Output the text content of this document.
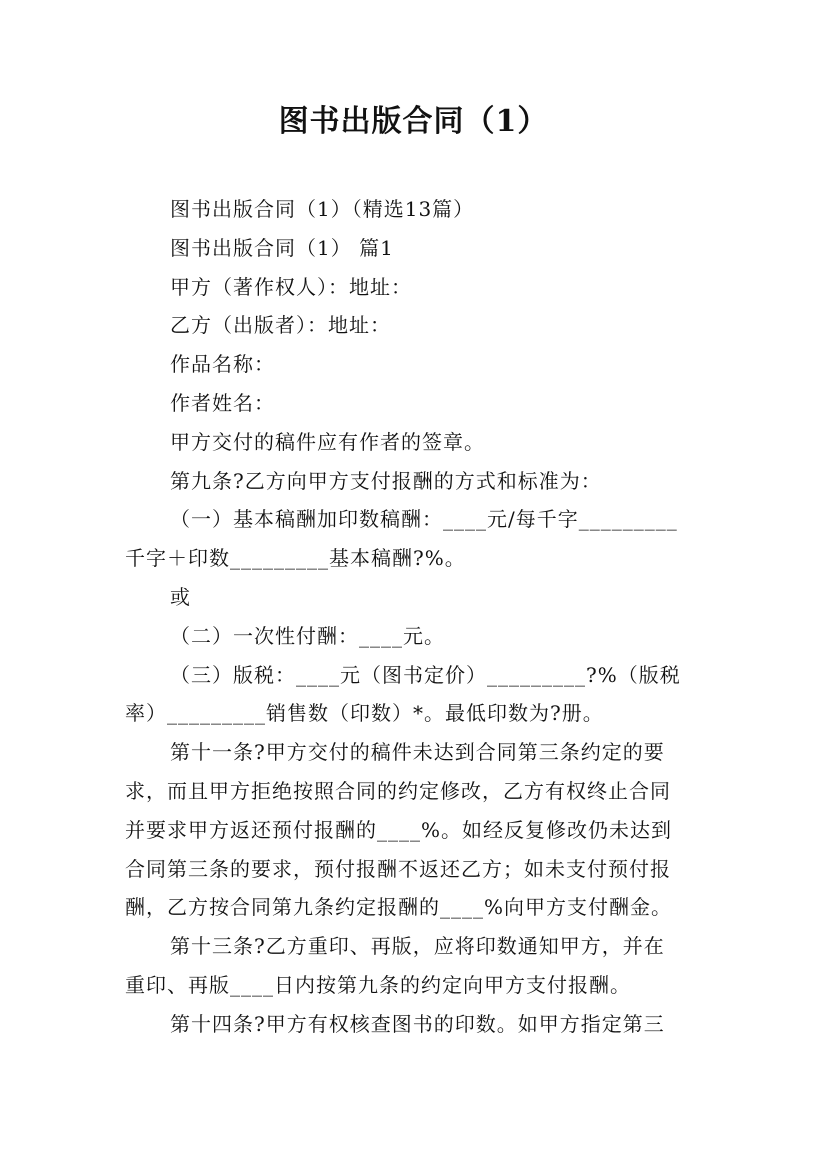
图书出版合同（1）
图书出版合同（1）（精选13篇）
图书出版合同（1） 篇1
甲方（著作权人）：地址：
乙方（出版者）：地址：
作品名称：
作者姓名：
甲方交付的稿件应有作者的签章。
第九条?乙方向甲方支付报酬的方式和标准为：
（一）基本稿酬加印数稿酬：____元/每千字_________
千字＋印数_________基本稿酬?%。
或
（二）一次性付酬：____元。
（三）版税：____元（图书定价）_________?%（版税
率）_________销售数（印数）*。最低印数为?册。
第十一条?甲方交付的稿件未达到合同第三条约定的要
求，而且甲方拒绝按照合同的约定修改，乙方有权终止合同
并要求甲方返还预付报酬的____%。如经反复修改仍未达到
合同第三条的要求，预付报酬不返还乙方；如未支付预付报
酬，乙方按合同第九条约定报酬的____%向甲方支付酬金。
第十三条?乙方重印、再版，应将印数通知甲方，并在
重印、再版____日内按第九条的约定向甲方支付报酬。
第十四条?甲方有权核查图书的印数。如甲方指定第三
